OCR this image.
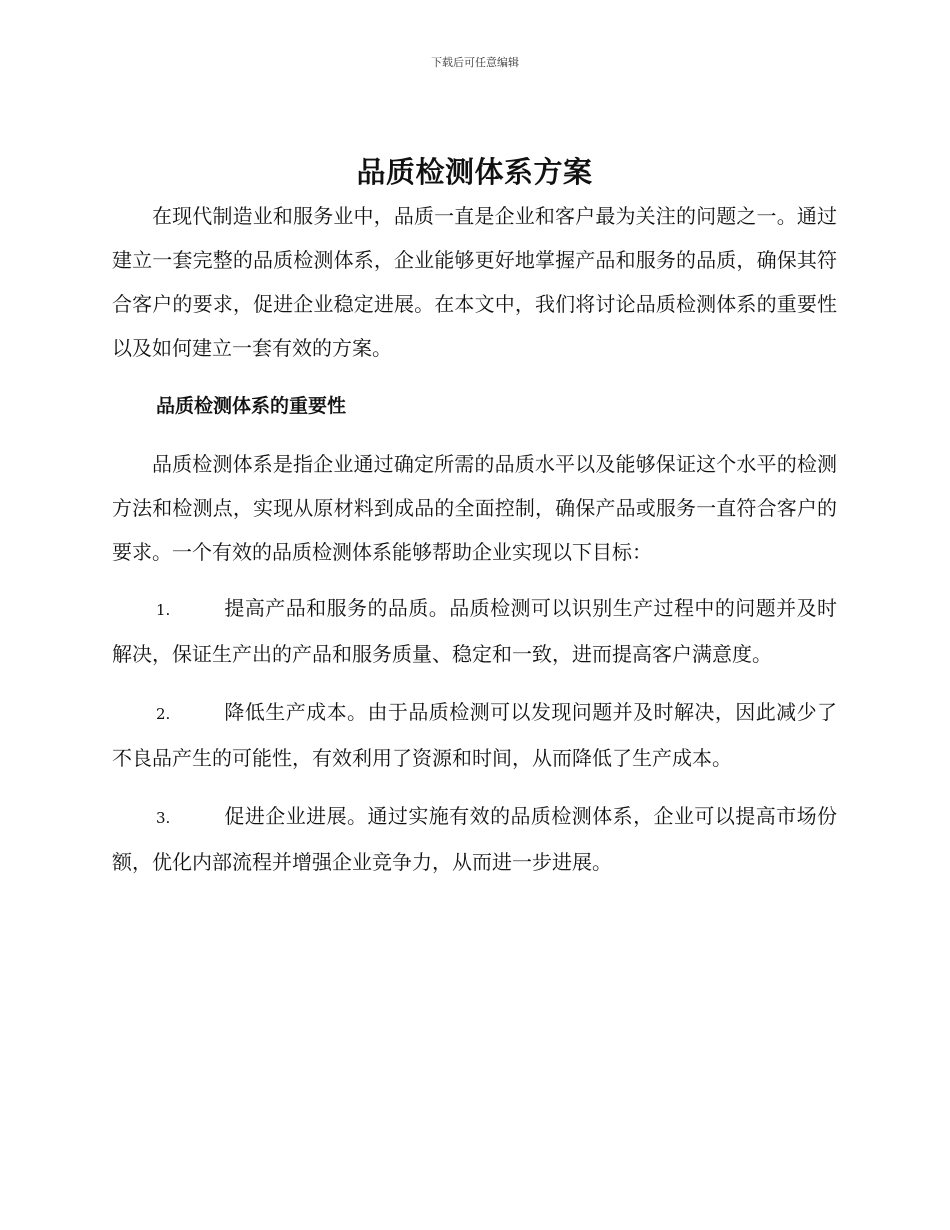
下载后可任意编辑
品质检测体系方案

在现代制造业和服务业中，品质一直是企业和客户最为关注的问题之一。通过建立一套完整的品质检测体系，企业能够更好地掌握产品和服务的品质，确保其符合客户的要求，促进企业稳定进展。在本文中，我们将讨论品质检测体系的重要性以及如何建立一套有效的方案。

品质检测体系的重要性

品质检测体系是指企业通过确定所需的品质水平以及能够保证这个水平的检测方法和检测点，实现从原材料到成品的全面控制，确保产品或服务一直符合客户的要求。一个有效的品质检测体系能够帮助企业实现以下目标：

1.	提高产品和服务的品质。品质检测可以识别生产过程中的问题并及时解决，保证生产出的产品和服务质量、稳定和一致，进而提高客户满意度。
2.	降低生产成本。由于品质检测可以发现问题并及时解决，因此减少了不良品产生的可能性，有效利用了资源和时间，从而降低了生产成本。
3.	促进企业进展。通过实施有效的品质检测体系，企业可以提高市场份额，优化内部流程并增强企业竞争力，从而进一步进展。
